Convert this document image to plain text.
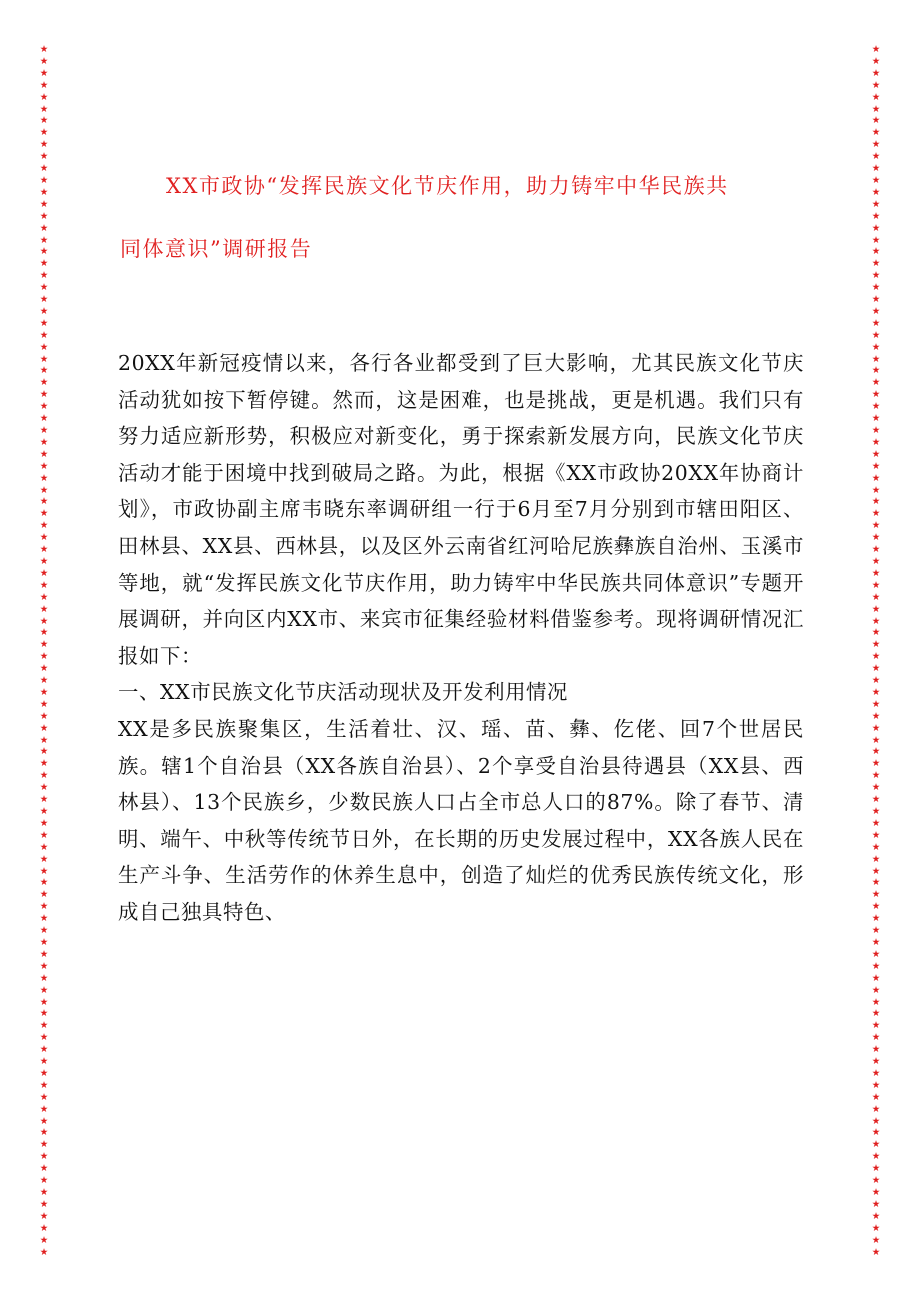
★
★
★
★
★
★
★
★
★
★
★
★
★
★
★
★
★
★
★
★
★
★
★
★
★
★
★
★
★
★
★
★
★
★
★
★
★
★
★
★
★
★
★
★
★
★
★
★
★
★
★
★
★
★
★
★
★
★
★
★
★
★
★
★
★
★
★
★
★
★
★
★
★
★
★
★
★
★
★
★
★
★
★
★
★
★
★
★
★
★
★
★
★
★
★
★
★
★
★
★
★
★
★
★
★
★
★
★
★
★
★
★
★
★
★
★
★
★
★
★
★
★
★
★
★
★
★
★
★
★
★
★
★
★
★
★
★
★
★
★
★
★
★
★
★
★
★
★
★
★
★
★
★
★
★
★
★
★
★
★
★
★
★
★
★
★
★
★
★
★
★
★
★
★
★
★
★
★
★
★
★
★
★
★
★
★
★
★
★
★
★
★
★
★
★
★
★
★
★
★
★
★
★
★
XX市政协“发挥民族文化节庆作用，助力铸牢中华民族共
同体意识”调研报告

20XX年新冠疫情以来，各行各业都受到了巨大影响，尤其民族文化节庆活动犹如按下暂停键。然而，这是困难，也是挑战，更是机遇。我们只有努力适应新形势，积极应对新变化，勇于探索新发展方向，民族文化节庆活动才能于困境中找到破局之路。为此，根据《XX市政协20XX年协商计划》，市政协副主席韦晓东率调研组一行于6月至7月分别到市辖田阳区、田林县、XX县、西林县，以及区外云南省红河哈尼族彝族自治州、玉溪市等地，就“发挥民族文化节庆作用，助力铸牢中华民族共同体意识”专题开展调研，并向区内XX市、来宾市征集经验材料借鉴参考。现将调研情况汇报如下：

一、XX市民族文化节庆活动现状及开发利用情况

XX是多民族聚集区，生活着壮、汉、瑶、苗、彝、仡佬、回7个世居民族。辖1个自治县（XX各族自治县）、2个享受自治县待遇县（XX县、西林县）、13个民族乡，少数民族人口占全市总人口的87%。除了春节、清明、端午、中秋等传统节日外，在长期的历史发展过程中，XX各族人民在生产斗争、生活劳作的休养生息中，创造了灿烂的优秀民族传统文化，形成自己独具特色、
